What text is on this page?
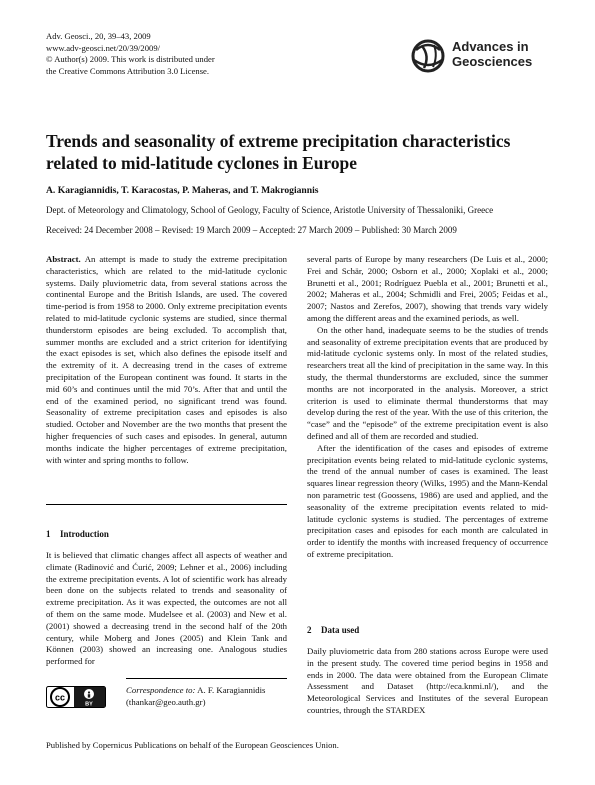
Adv. Geosci., 20, 39–43, 2009
www.adv-geosci.net/20/39/2009/
© Author(s) 2009. This work is distributed under
the Creative Commons Attribution 3.0 License.
Advances in
Geosciences
Trends and seasonality of extreme precipitation characteristics related to mid-latitude cyclones in Europe
A. Karagiannidis, T. Karacostas, P. Maheras, and T. Makrogiannis
Dept. of Meteorology and Climatology, School of Geology, Faculty of Science, Aristotle University of Thessaloniki, Greece
Received: 24 December 2008 – Revised: 19 March 2009 – Accepted: 27 March 2009 – Published: 30 March 2009

Abstract. An attempt is made to study the extreme precipitation characteristics, which are related to the mid-latitude cyclonic systems. Daily pluviometric data, from several stations across the continental Europe and the British Islands, are used. The covered time-period is from 1958 to 2000. Only extreme precipitation events related to mid-latitude cyclonic systems are studied, since thermal thunderstorm episodes are being excluded. To accomplish that, summer months are excluded and a strict criterion for identifying the exact episodes is set, which also defines the episode itself and the extremity of it. A decreasing trend in the cases of extreme precipitation of the European continent was found. It starts in the mid 60’s and continues until the mid 70’s. After that and until the end of the examined period, no significant trend was found. Seasonality of extreme precipitation cases and episodes is also studied. October and November are the two months that present the higher frequencies of such cases and episodes. In general, autumn months indicate the higher percentages of extreme precipitation, with winter and spring months to follow.

1 Introduction

It is believed that climatic changes affect all aspects of weather and climate (Radinović and Ćurić, 2009; Lehner et al., 2006) including the extreme precipitation events. A lot of scientific work has already been done on the subjects related to trends and seasonality of extreme precipitation. As it was expected, the outcomes are not all of them on the same mode. Mudelsee et al. (2003) and New et al. (2001) showed a decreasing trend in the second half of the 20th century, while Moberg and Jones (2005) and Klein Tank and Können (2003) showed an increasing one. Analogous studies performed for

cc
BY
Correspondence to: A. F. Karagiannidis
(thankar@geo.auth.gr)

several parts of Europe by many researchers (De Luis et al., 2000; Frei and Schär, 2000; Osborn et al., 2000; Xoplaki et al., 2000; Brunetti et al., 2001; Rodríguez Puebla et al., 2001; Brunetti et al., 2002; Maheras et al., 2004; Schmidli and Frei, 2005; Feidas et al., 2007; Nastos and Zerefos, 2007), showing that trends vary widely among the different areas and the examined periods, as well.

On the other hand, inadequate seems to be the studies of trends and seasonality of extreme precipitation events that are produced by mid-latitude cyclonic systems only. In most of the related studies, researchers treat all the kind of precipitation in the same way. In this study, the thermal thunderstorms are excluded, since the summer months are not incorporated in the analysis. Moreover, a strict criterion is used to eliminate thermal thunderstorms that may develop during the rest of the year. With the use of this criterion, the “case” and the “episode” of the extreme precipitation event is also defined and all of them are recorded and studied.

After the identification of the cases and episodes of extreme precipitation events being related to mid-latitude cyclonic systems, the trend of the annual number of cases is examined. The least squares linear regression theory (Wilks, 1995) and the Mann-Kendal non parametric test (Goossens, 1986) are used and applied, and the seasonality of the extreme precipitation events related to mid-latitude cyclonic systems is studied. The percentages of extreme precipitation cases and episodes for each month are calculated in order to identify the months with increased frequency of occurrence of extreme precipitation.

2 Data used

Daily pluviometric data from 280 stations across Europe were used in the present study. The covered time period begins in 1958 and ends in 2000. The data were obtained from the European Climate Assessment and Dataset (http://eca.knmi.nl/), and the Meteorological Services and Institutes of the several European countries, through the STARDEX

Published by Copernicus Publications on behalf of the European Geosciences Union.
